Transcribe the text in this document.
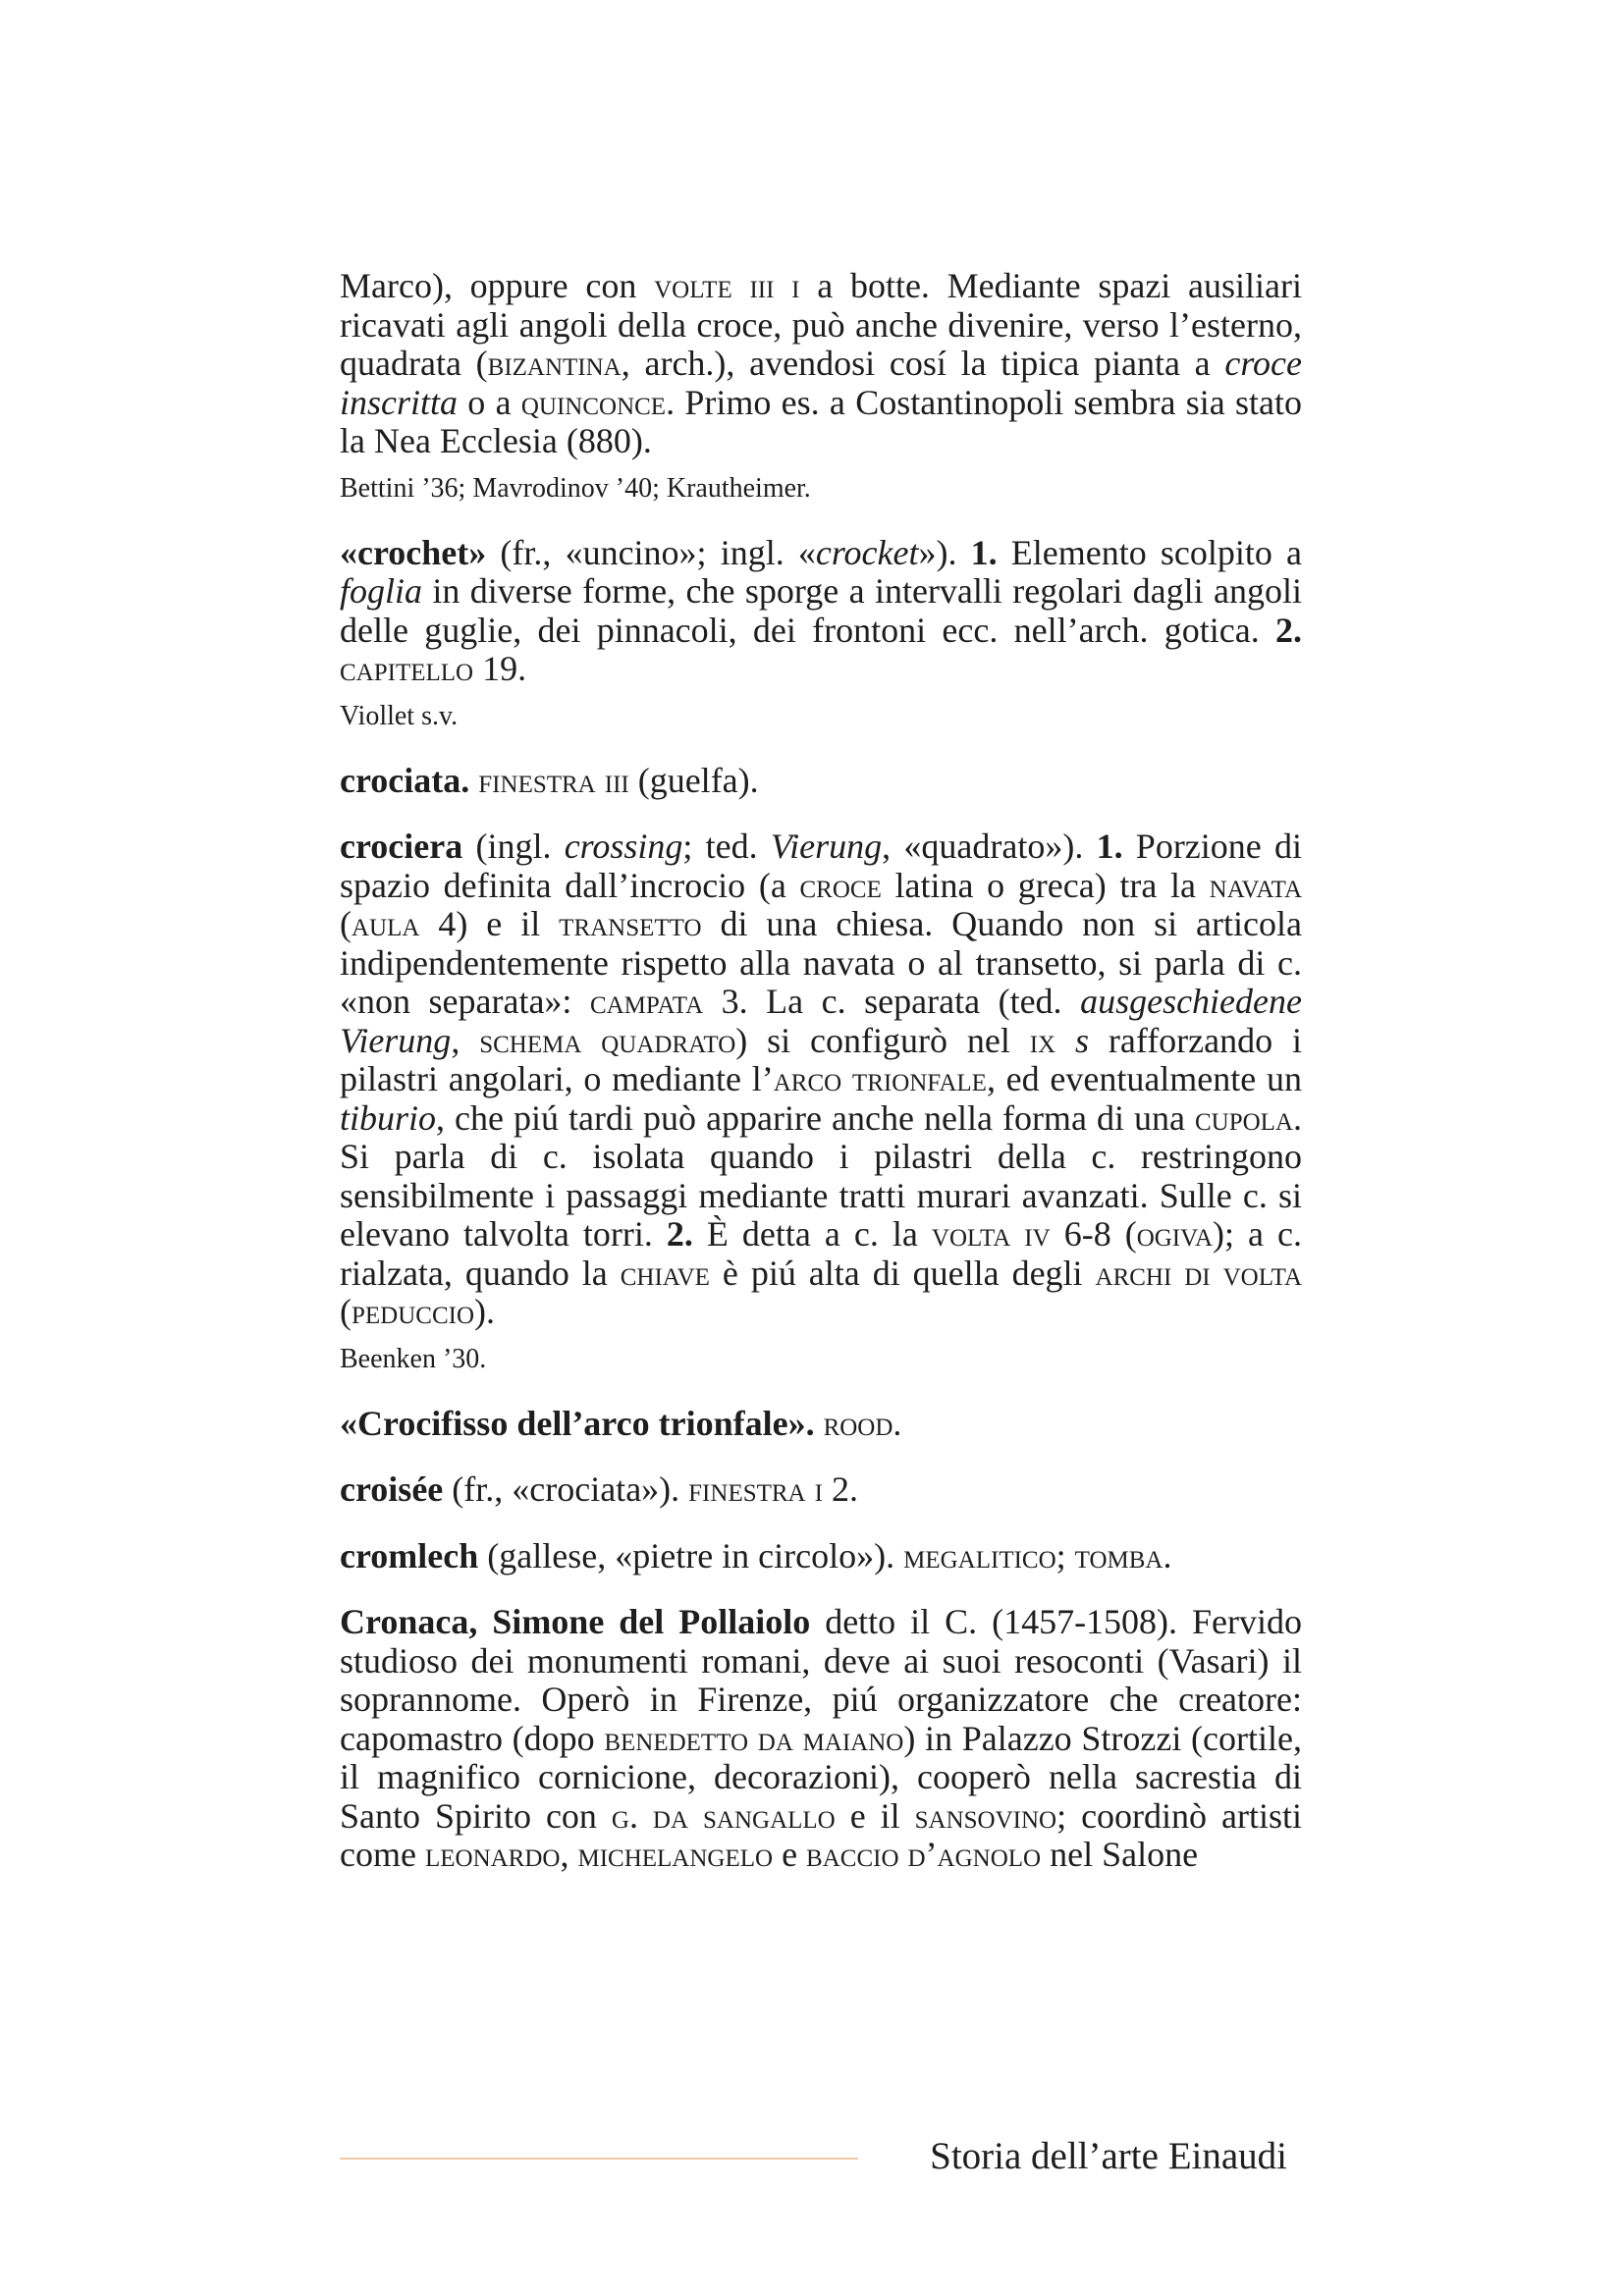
Marco), oppure con volte iii i a botte. Mediante spazi ausiliari ricavati agli angoli della croce, può anche divenire, verso l’esterno, quadrata (bizantina, arch.), avendosi cosí la tipica pianta a croce inscritta o a quinconce. Primo es. a Costantinopoli sembra sia stato la Nea Ecclesia (880).

Bettini ’36; Mavrodinov ’40; Krautheimer.

«crochet» (fr., «uncino»; ingl. «crocket»). 1. Elemento scolpito a foglia in diverse forme, che sporge a intervalli regolari dagli angoli delle guglie, dei pinnacoli, dei frontoni ecc. nell’arch. gotica. 2. capitello 19.

Viollet s.v.

crociata. finestra iii (guelfa).

crociera (ingl. crossing; ted. Vierung, «quadrato»). 1. Porzione di spazio definita dall’incrocio (a croce latina o greca) tra la navata (aula 4) e il transetto di una chiesa. Quando non si articola indipendentemente rispetto alla navata o al transetto, si parla di c. «non separata»: campata 3. La c. separata (ted. ausgeschiedene Vierung, schema quadrato) si configurò nel ix s rafforzando i pilastri angolari, o mediante l’arco trionfale, ed eventualmente un tiburio, che piú tardi può apparire anche nella forma di una cupola. Si parla di c. isolata quando i pilastri della c. restringono sensibilmente i passaggi mediante tratti murari avanzati. Sulle c. si elevano talvolta torri. 2. È detta a c. la volta iv 6-8 (ogiva); a c. rialzata, quando la chiave è piú alta di quella degli archi di volta (peduccio).

Beenken ’30.

«Crocifisso dell’arco trionfale». rood.

croisée (fr., «crociata»). finestra i 2.

cromlech (gallese, «pietre in circolo»). megalitico; tomba.

Cronaca, Simone del Pollaiolo detto il C. (1457-1508). Fervido studioso dei monumenti romani, deve ai suoi resoconti (Vasari) il soprannome. Operò in Firenze, piú organizzatore che creatore: capomastro (dopo benedetto da maiano) in Palazzo Strozzi (cortile, il magnifico cornicione, decorazioni), cooperò nella sacrestia di Santo Spirito con g. da sangallo e il sansovino; coordinò artisti come leonardo, michelangelo e baccio d’agnolo nel Salone

Storia dell’arte Einaudi
